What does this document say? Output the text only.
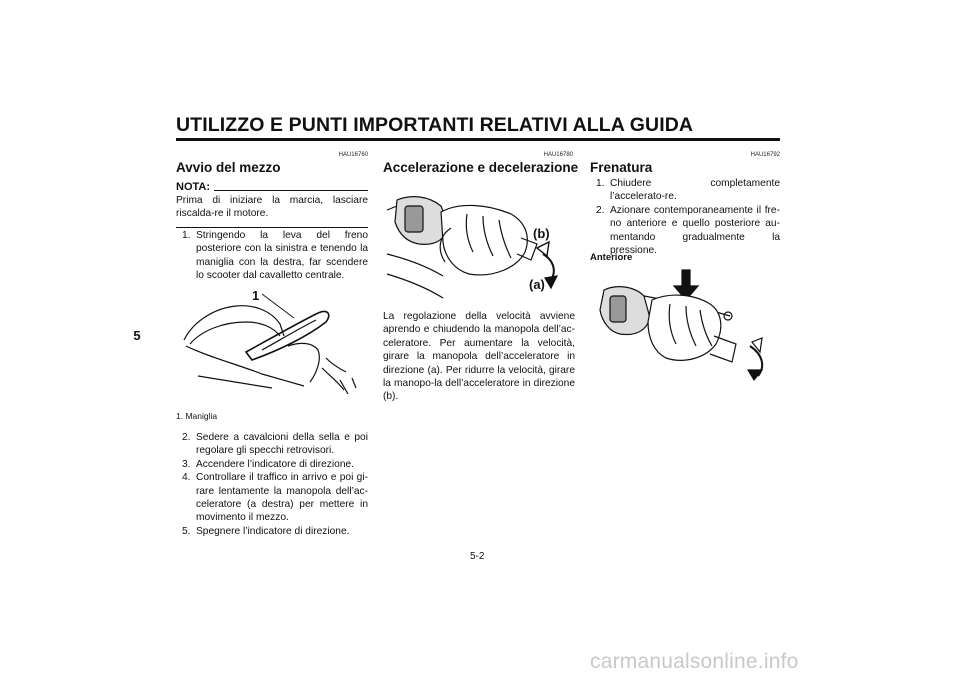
UTILIZZO E PUNTI IMPORTANTI RELATIVI ALLA GUIDA
5
HAU16760
Avvio del mezzo
NOTA:
Prima di iniziare la marcia, lasciare riscalda-re il motore.
1. Stringendo la leva del freno posteriore con la sinistra e tenendo la maniglia con la destra, far scendere lo scooter dal cavalletto centrale.
1
1. Maniglia
2. Sedere a cavalcioni della sella e poi regolare gli specchi retrovisori.
3. Accendere l’indicatore di direzione.
4. Controllare il traffico in arrivo e poi gi-rare lentamente la manopola dell’ac-celeratore (a destra) per mettere in movimento il mezzo.
5. Spegnere l’indicatore di direzione.
HAU16780
Accelerazione e decelerazione
(b)
(a)
La regolazione della velocità avviene aprendo e chiudendo la manopola dell’ac-celeratore. Per aumentare la velocità, girare la manopola dell’acceleratore in direzione (a). Per ridurre la velocità, girare la manopo-la dell’acceleratore in direzione (b).
HAU16792
Frenatura
1. Chiudere completamente l’accelerato-re.
2. Azionare contemporaneamente il fre-no anteriore e quello posteriore au-mentando gradualmente la pressione.
Anteriore
5-2
carmanualsonline.info
